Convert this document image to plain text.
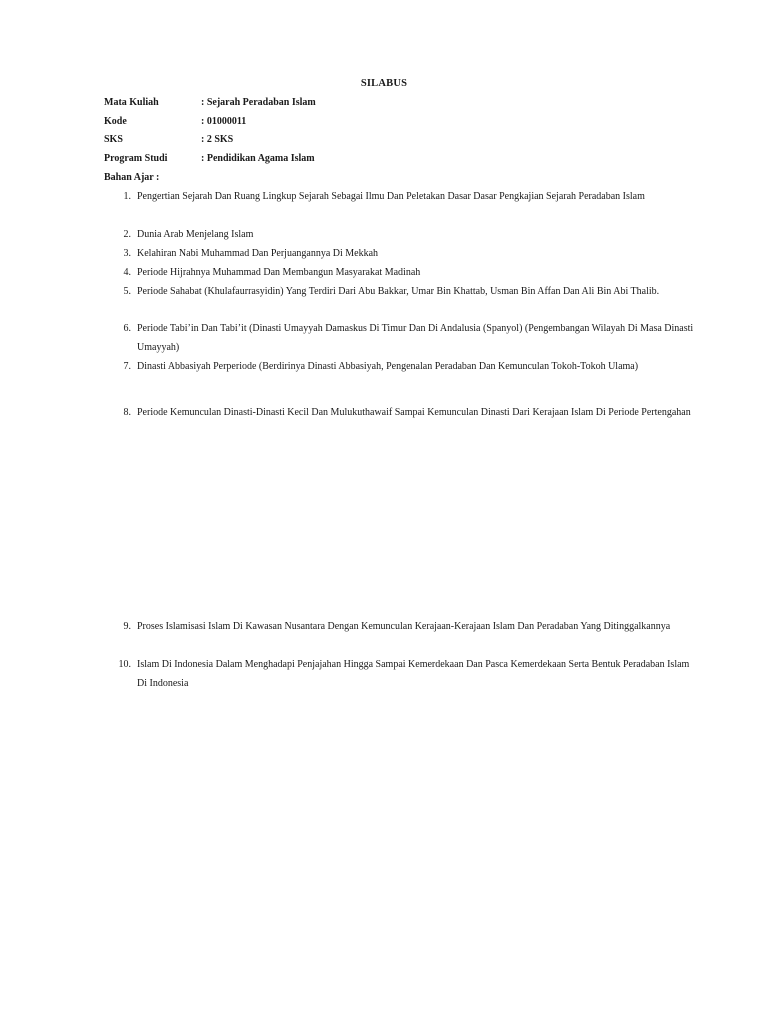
SILABUS
Mata Kuliah	: Sejarah Peradaban Islam
Kode	: 01000011
SKS	: 2 SKS
Program Studi	: Pendidikan Agama Islam
Bahan Ajar :
1. Pengertian Sejarah Dan Ruang Lingkup Sejarah Sebagai Ilmu Dan Peletakan Dasar Dasar Pengkajian Sejarah Peradaban Islam
2. Dunia Arab Menjelang Islam
3. Kelahiran Nabi Muhammad Dan Perjuangannya Di Mekkah
4. Periode Hijrahnya Muhammad Dan Membangun Masyarakat Madinah
5. Periode Sahabat (Khulafaurrasyidin) Yang Terdiri Dari Abu Bakkar, Umar Bin Khattab, Usman Bin Affan Dan Ali Bin Abi Thalib.
6. Periode Tabi’in Dan Tabi’it (Dinasti Umayyah Damaskus Di Timur Dan Di Andalusia (Spanyol) (Pengembangan Wilayah Di Masa Dinasti Umayyah)
7. Dinasti Abbasiyah Perperiode (Berdirinya Dinasti Abbasiyah, Pengenalan Peradaban Dan Kemunculan Tokoh-Tokoh Ulama)
8. Periode Kemunculan Dinasti-Dinasti Kecil Dan Mulukuthawaif Sampai Kemunculan Dinasti Dari Kerajaan Islam Di Periode Pertengahan
9. Proses Islamisasi Islam Di Kawasan Nusantara Dengan Kemunculan Kerajaan-Kerajaan Islam Dan Peradaban Yang Ditinggalkannya
10. Islam Di Indonesia Dalam Menghadapi Penjajahan Hingga Sampai Kemerdekaan Dan Pasca Kemerdekaan Serta Bentuk Peradaban Islam Di Indonesia
